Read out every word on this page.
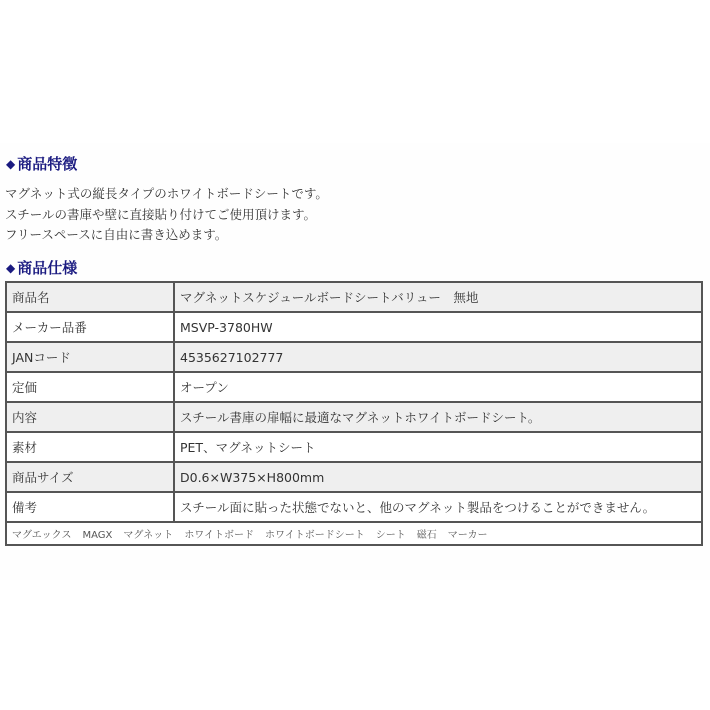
◆ 商品特徴
マグネット式の縦長タイプのホワイトボードシートです。
スチールの書庫や壁に直接貼り付けてご使用頂けます。
フリースペースに自由に書き込めます。
◆ 商品仕様
商品名	マグネットスケジュールボードシートバリュー　無地
メーカー品番	MSVP-3780HW
JANコード	4535627102777
定価	オープン
内容	スチール書庫の扉幅に最適なマグネットホワイトボードシート。
素材	PET、マグネットシート
商品サイズ	D0.6×W375×H800mm
備考	スチール面に貼った状態でないと、他のマグネット製品をつけることができません。
マグエックス MAGX マグネット ホワイトボード ホワイトボードシート シート 磁石 マーカー	
